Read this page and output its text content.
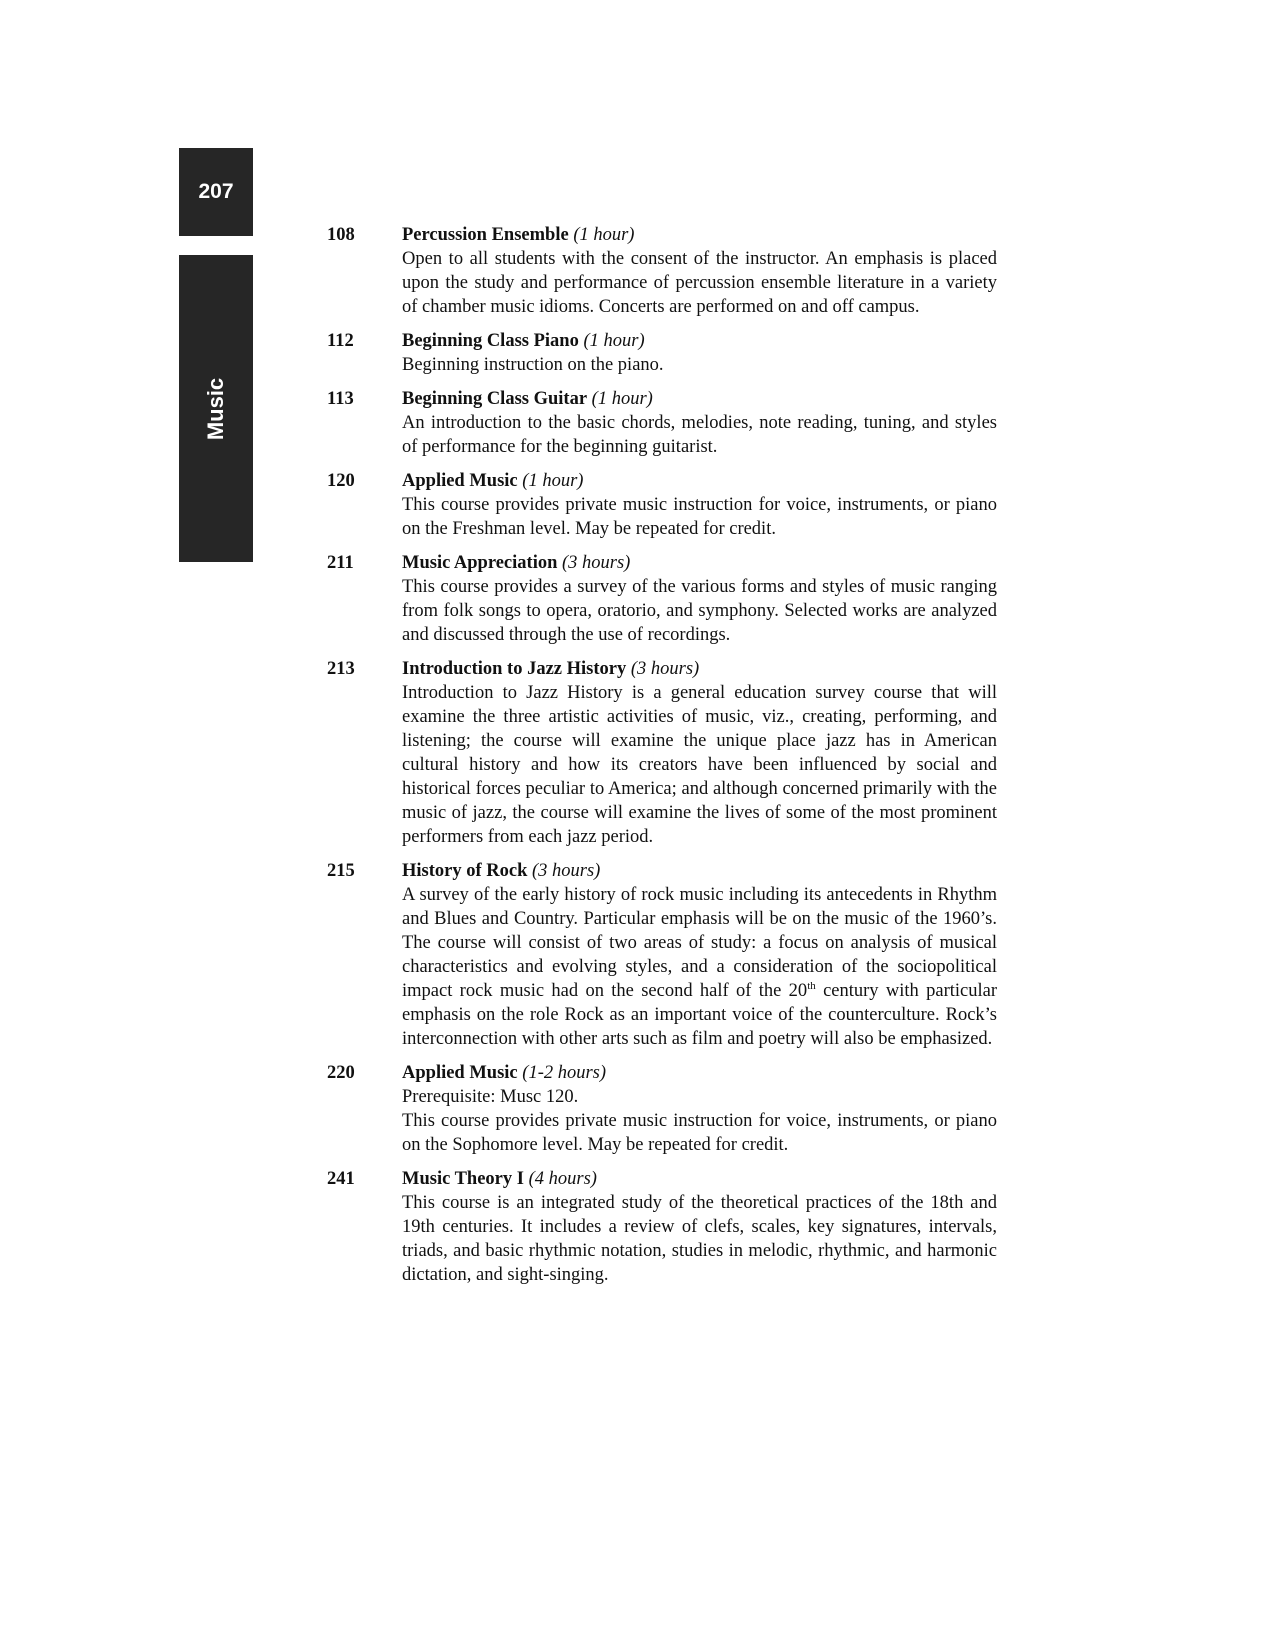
207
Music
108	Percussion Ensemble (1 hour)

Open to all students with the consent of the instructor. An emphasis is placed upon the study and performance of percussion ensemble literature in a variety of chamber music idioms. Concerts are performed on and off campus.

112	Beginning Class Piano (1 hour)

Beginning instruction on the piano.

113	Beginning Class Guitar (1 hour)

An introduction to the basic chords, melodies, note reading, tuning, and styles of performance for the beginning guitarist.

120	Applied Music (1 hour)

This course provides private music instruction for voice, instruments, or piano on the Freshman level. May be repeated for credit.

211	Music Appreciation (3 hours)

This course provides a survey of the various forms and styles of music ranging from folk songs to opera, oratorio, and symphony. Selected works are analyzed and discussed through the use of recordings.

213	Introduction to Jazz History (3 hours)

Introduction to Jazz History is a general education survey course that will examine the three artistic activities of music, viz., creating, performing, and listening; the course will examine the unique place jazz has in American cultural history and how its creators have been influenced by social and historical forces peculiar to America; and although concerned primarily with the music of jazz, the course will examine the lives of some of the most prominent performers from each jazz period.

215	History of Rock (3 hours)

A survey of the early history of rock music including its antecedents in Rhythm and Blues and Country. Particular emphasis will be on the music of the 1960’s. The course will consist of two areas of study: a focus on analysis of musical characteristics and evolving styles, and a consideration of the sociopolitical impact rock music had on the second half of the 20th century with particular emphasis on the role Rock as an important voice of the counterculture. Rock’s interconnection with other arts such as film and poetry will also be emphasized.

220	Applied Music (1-2 hours)

Prerequisite: Musc 120.

This course provides private music instruction for voice, instruments, or piano on the Sophomore level. May be repeated for credit.

241	Music Theory I (4 hours)

This course is an integrated study of the theoretical practices of the 18th and 19th centuries. It includes a review of clefs, scales, key signatures, intervals, triads, and basic rhythmic notation, studies in melodic, rhythmic, and harmonic dictation, and sight-singing.
